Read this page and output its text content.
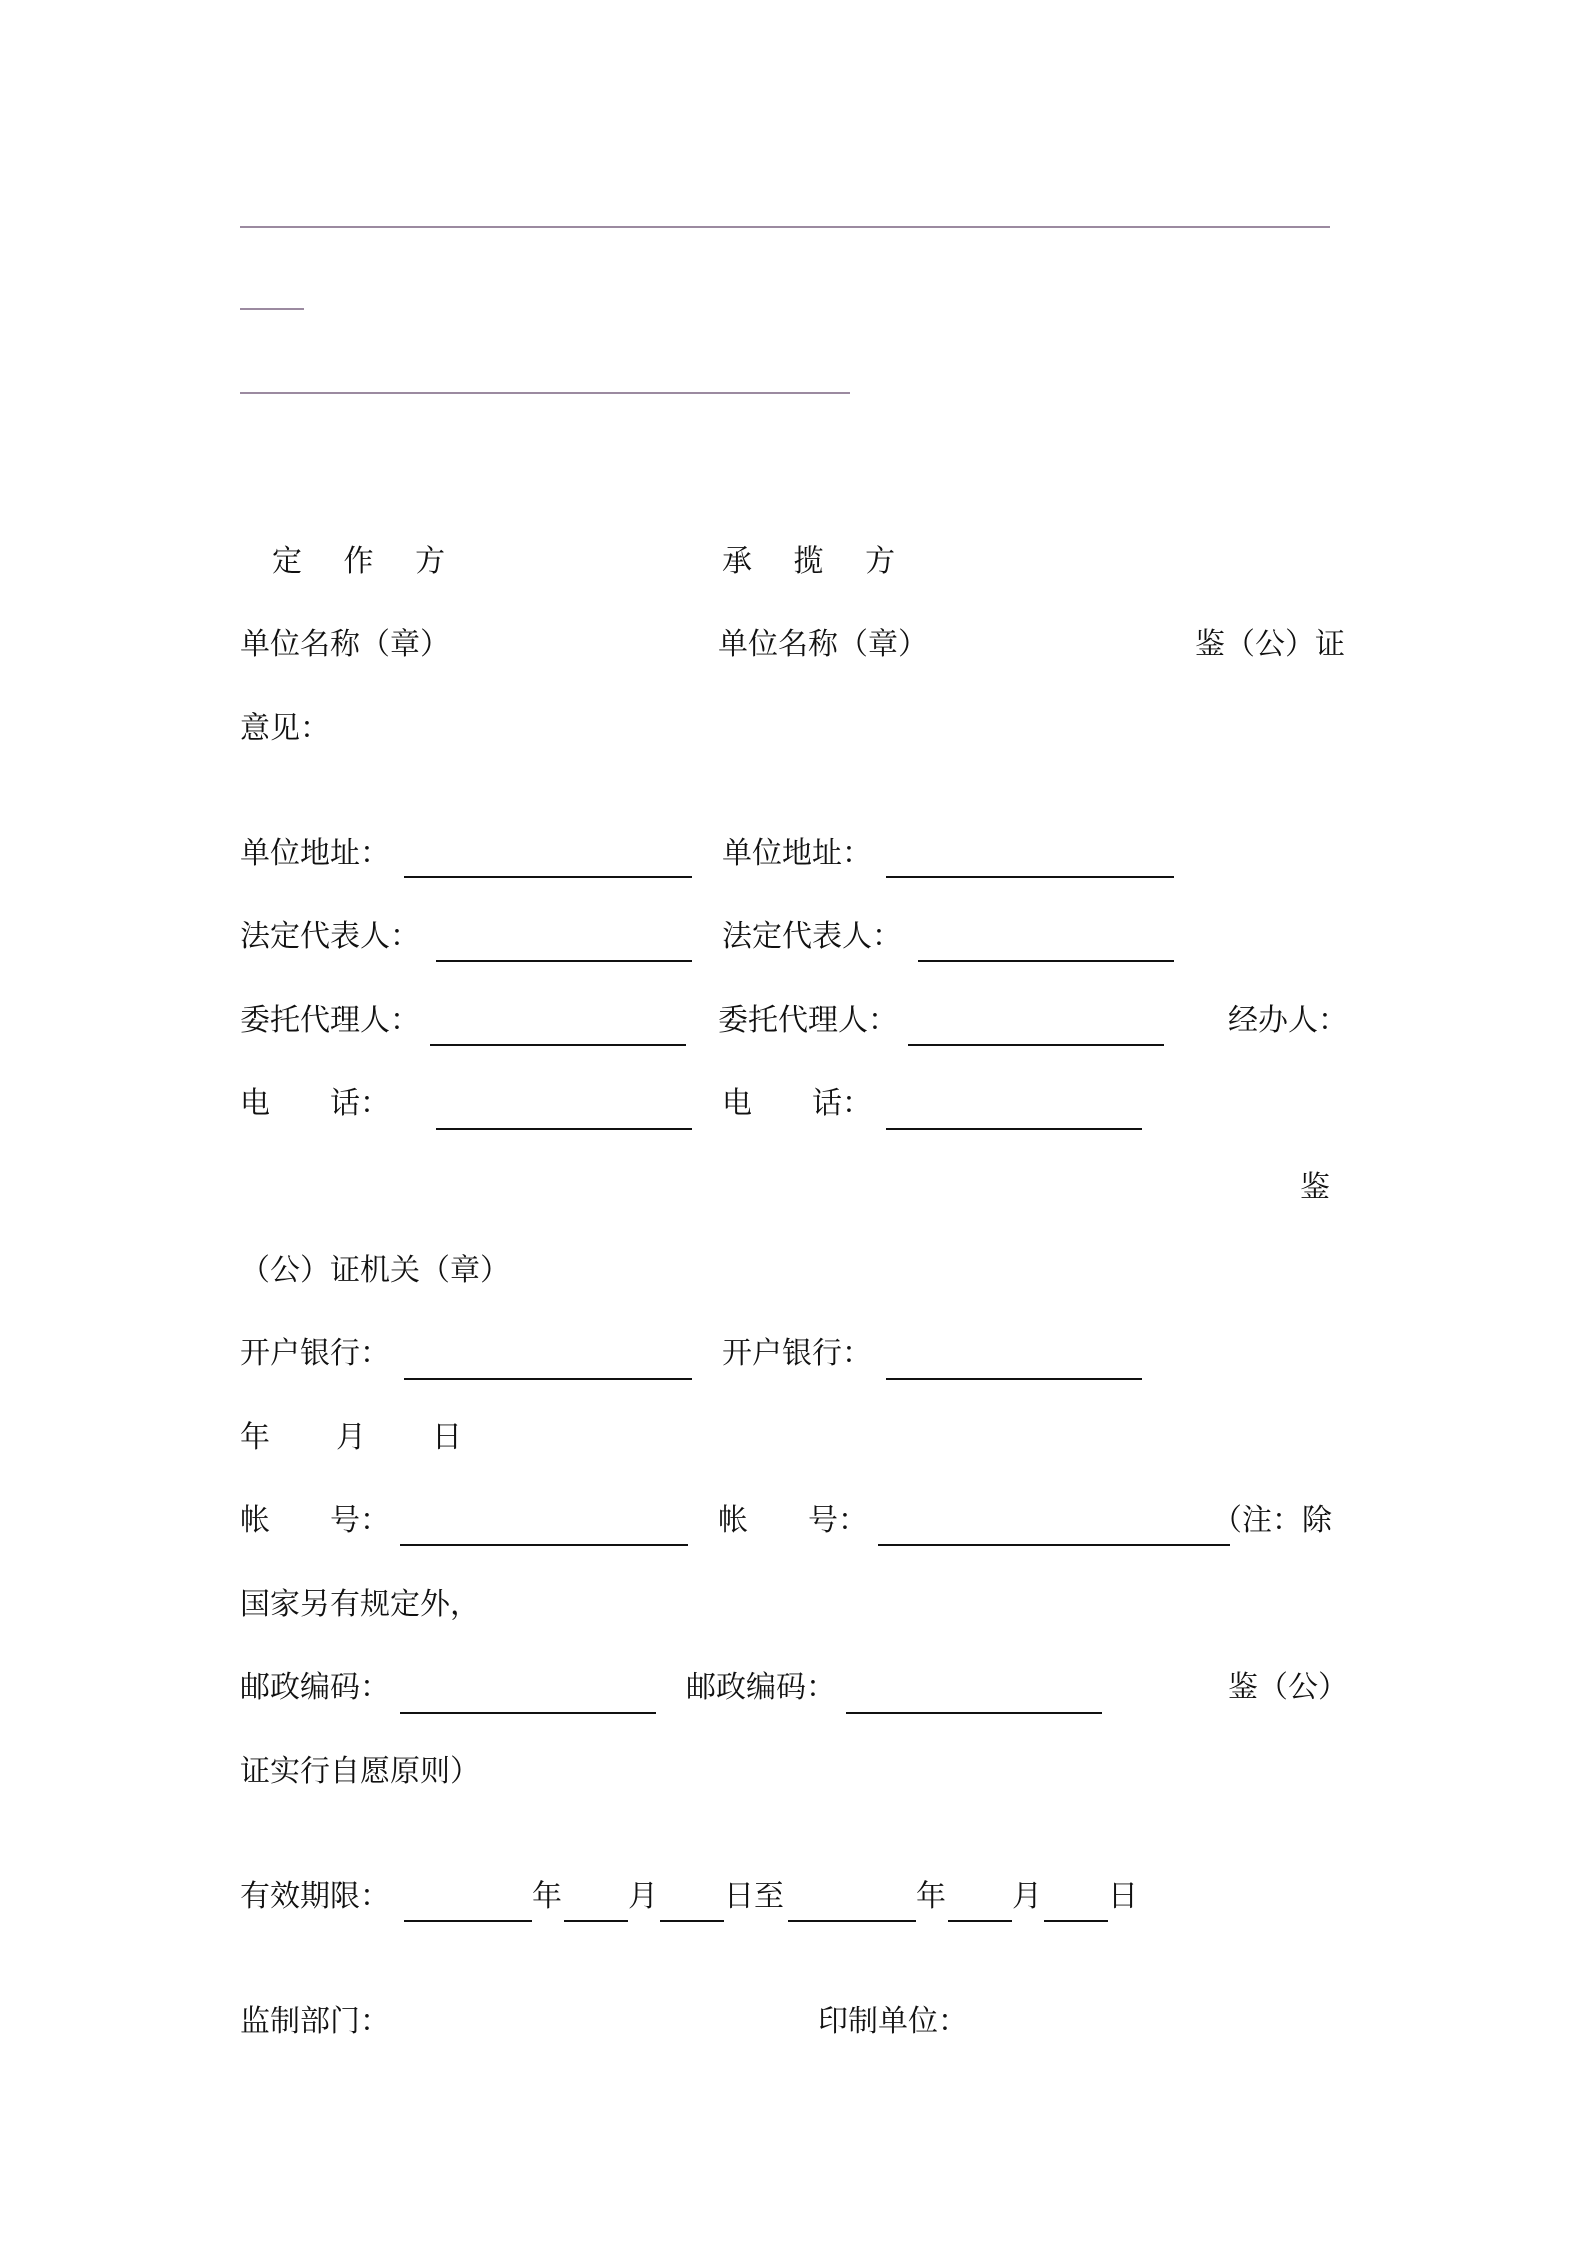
定 作 方	承 揽 方
单位名称（章）	单位名称（章）	鉴（公）证
意见：
单位地址：	单位地址：
法定代表人：	法定代表人：
委托代理人：	委托代理人：	经办人：
电　　话：	电　　话：
鉴
（公）证机关（章）
开户银行：	开户银行：
年 月 日
帐　　号：	帐　　号：	（注：除
国家另有规定外，
邮政编码：	邮政编码：	鉴（公）
证实行自愿原则）
有效期限：	年 月 日至	年 月 日
监制部门：	印制单位：
